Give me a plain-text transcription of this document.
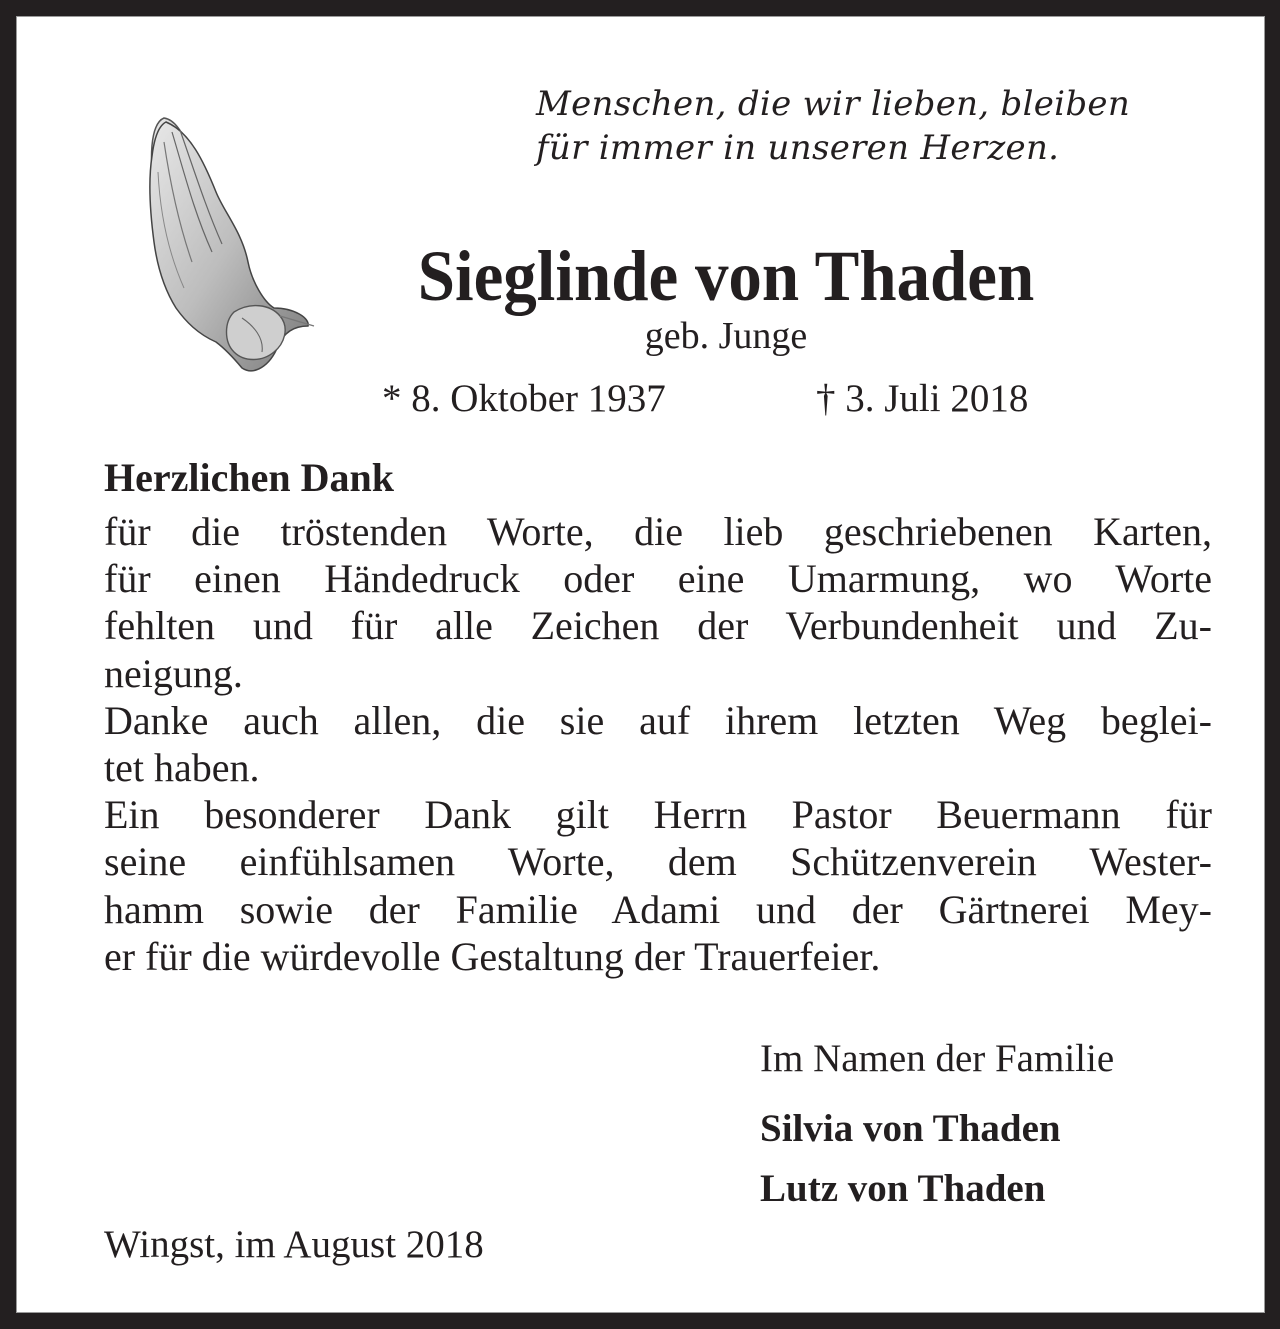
Menschen, die wir lieben, bleiben
für immer in unseren Herzen.
Sieglinde von Thaden
geb. Junge
* 8. Oktober 1937	† 3. Juli 2018
Herzlichen Dank
für die tröstenden Worte, die lieb geschriebenen Karten,
für einen Händedruck oder eine Umarmung, wo Worte
fehlten und für alle Zeichen der Verbundenheit und Zu-
neigung.
Danke auch allen, die sie auf ihrem letzten Weg beglei-
tet haben.
Ein besonderer Dank gilt Herrn Pastor Beuermann für
seine einfühlsamen Worte, dem Schützenverein Wester-
hamm sowie der Familie Adami und der Gärtnerei Mey-
er für die würdevolle Gestaltung der Trauerfeier.
Im Namen der Familie
Silvia von Thaden
Lutz von Thaden
Wingst, im August 2018
